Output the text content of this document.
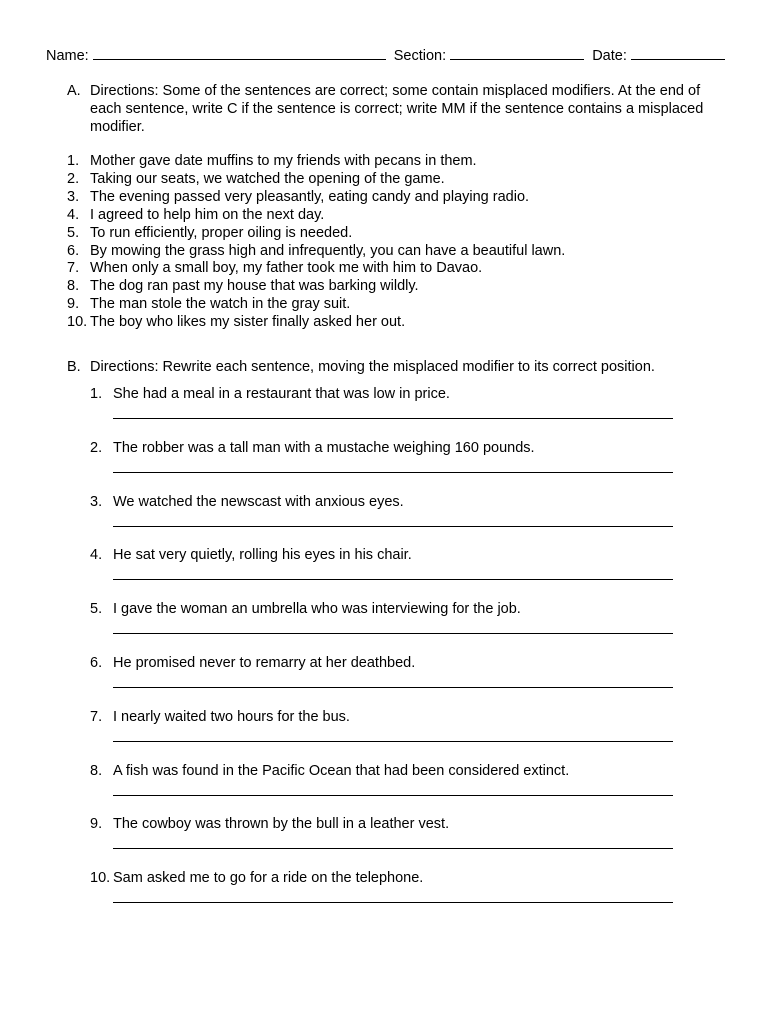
Name:	Section:	Date:
A. Directions: Some of the sentences are correct; some contain misplaced modifiers. At the end of each sentence, write C if the sentence is correct; write MM if the sentence contains a misplaced modifier.
1. Mother gave date muffins to my friends with pecans in them.
2. Taking our seats, we watched the opening of the game.
3. The evening passed very pleasantly, eating candy and playing radio.
4. I agreed to help him on the next day.
5. To run efficiently, proper oiling is needed.
6. By mowing the grass high and infrequently, you can have a beautiful lawn.
7. When only a small boy, my father took me with him to Davao.
8. The dog ran past my house that was barking wildly.
9. The man stole the watch in the gray suit.
10. The boy who likes my sister finally asked her out.
B. Directions: Rewrite each sentence, moving the misplaced modifier to its correct position.
1. She had a meal in a restaurant that was low in price.
2. The robber was a tall man with a mustache weighing 160 pounds.
3. We watched the newscast with anxious eyes.
4. He sat very quietly, rolling his eyes in his chair.
5. I gave the woman an umbrella who was interviewing for the job.
6. He promised never to remarry at her deathbed.
7. I nearly waited two hours for the bus.
8. A fish was found in the Pacific Ocean that had been considered extinct.
9. The cowboy was thrown by the bull in a leather vest.
10. Sam asked me to go for a ride on the telephone.
